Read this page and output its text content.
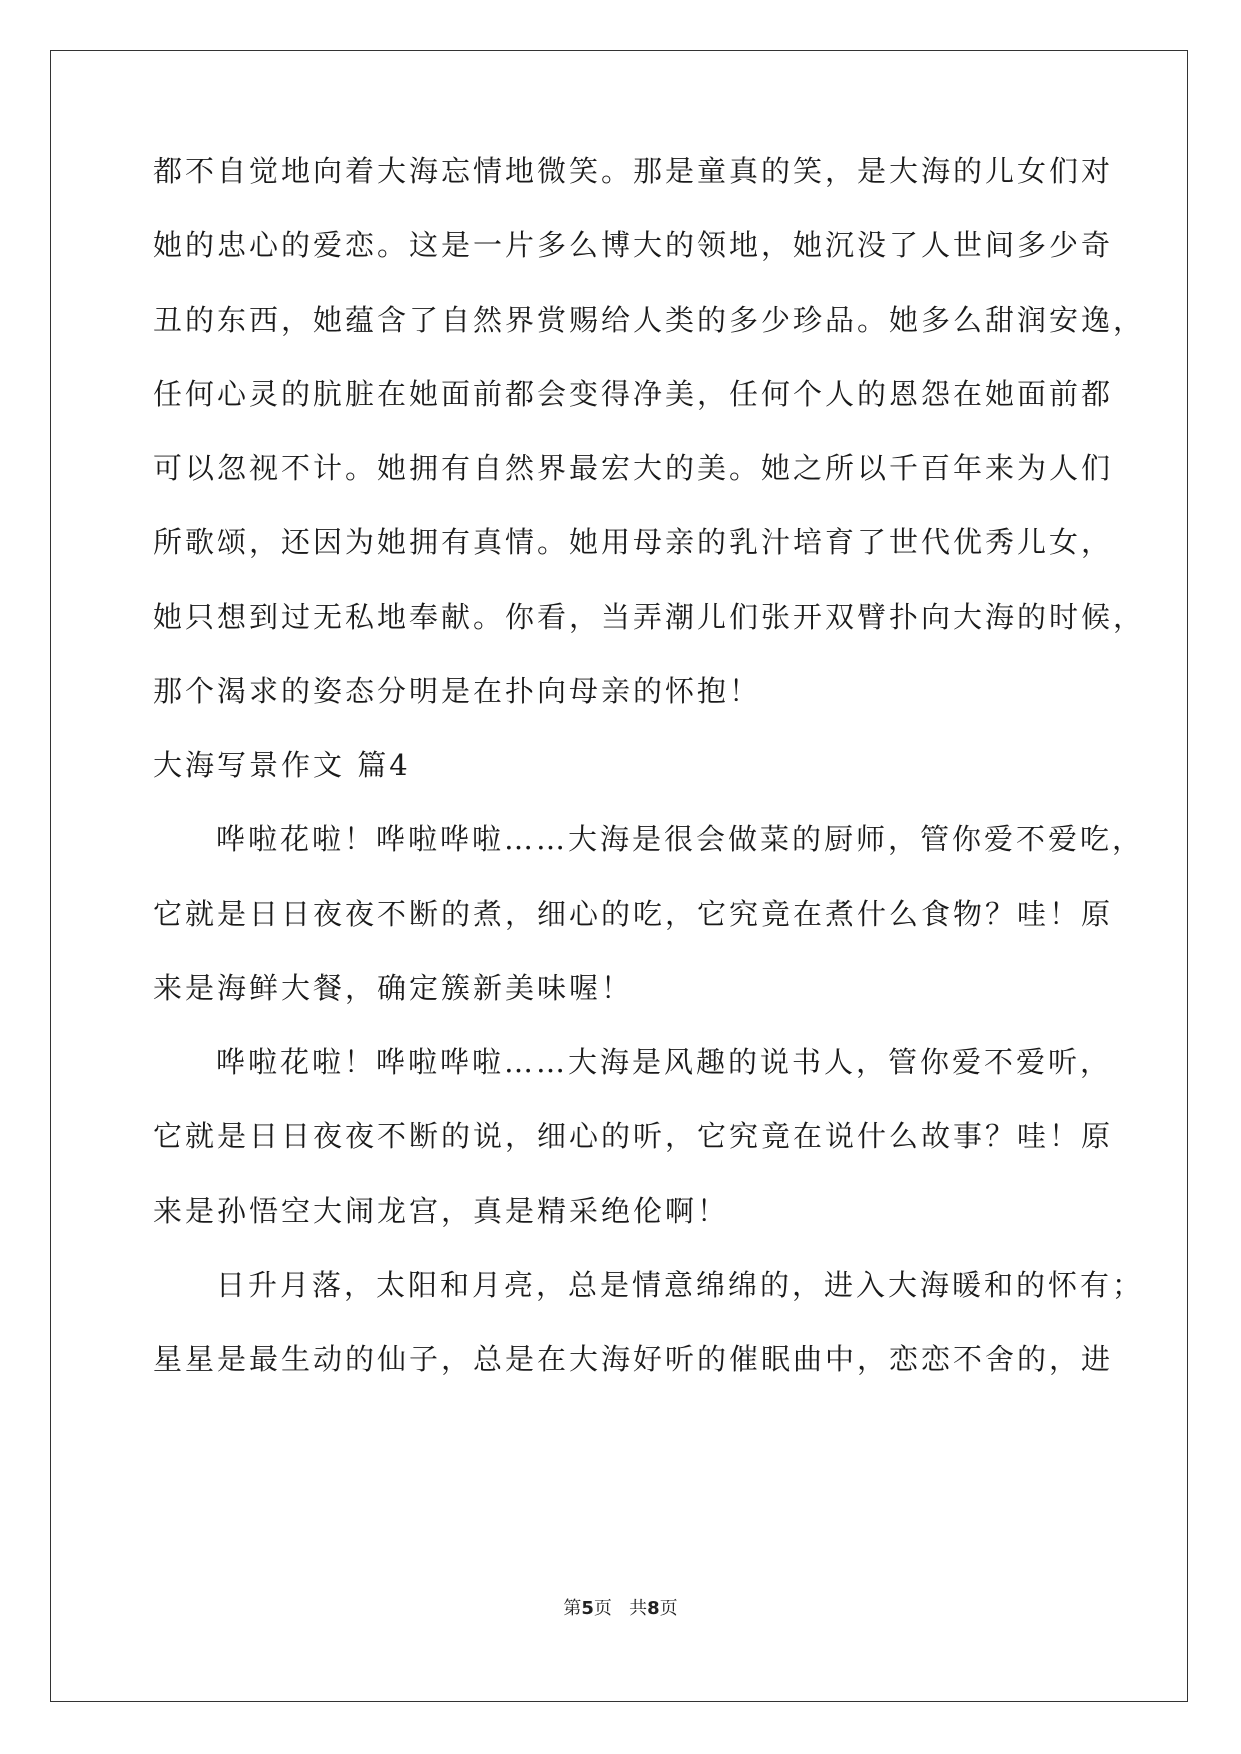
都不自觉地向着大海忘情地微笑。那是童真的笑，是大海的儿女们对
她的忠心的爱恋。这是一片多么博大的领地，她沉没了人世间多少奇
丑的东西，她蕴含了自然界赏赐给人类的多少珍品。她多么甜润安逸，
任何心灵的肮脏在她面前都会变得净美，任何个人的恩怨在她面前都
可以忽视不计。她拥有自然界最宏大的美。她之所以千百年来为人们
所歌颂，还因为她拥有真情。她用母亲的乳汁培育了世代优秀儿女，
她只想到过无私地奉献。你看，当弄潮儿们张开双臂扑向大海的时候，
那个渴求的姿态分明是在扑向母亲的怀抱！
大海写景作文 篇4
哗啦花啦！哗啦哗啦……大海是很会做菜的厨师，管你爱不爱吃，
它就是日日夜夜不断的煮，细心的吃，它究竟在煮什么食物？哇！原
来是海鲜大餐，确定簇新美味喔！
哗啦花啦！哗啦哗啦……大海是风趣的说书人，管你爱不爱听，
它就是日日夜夜不断的说，细心的听，它究竟在说什么故事？哇！原
来是孙悟空大闹龙宫，真是精采绝伦啊！
日升月落，太阳和月亮，总是情意绵绵的，进入大海暖和的怀有；
星星是最生动的仙子，总是在大海好听的催眠曲中，恋恋不舍的，进
第5页 共8页
